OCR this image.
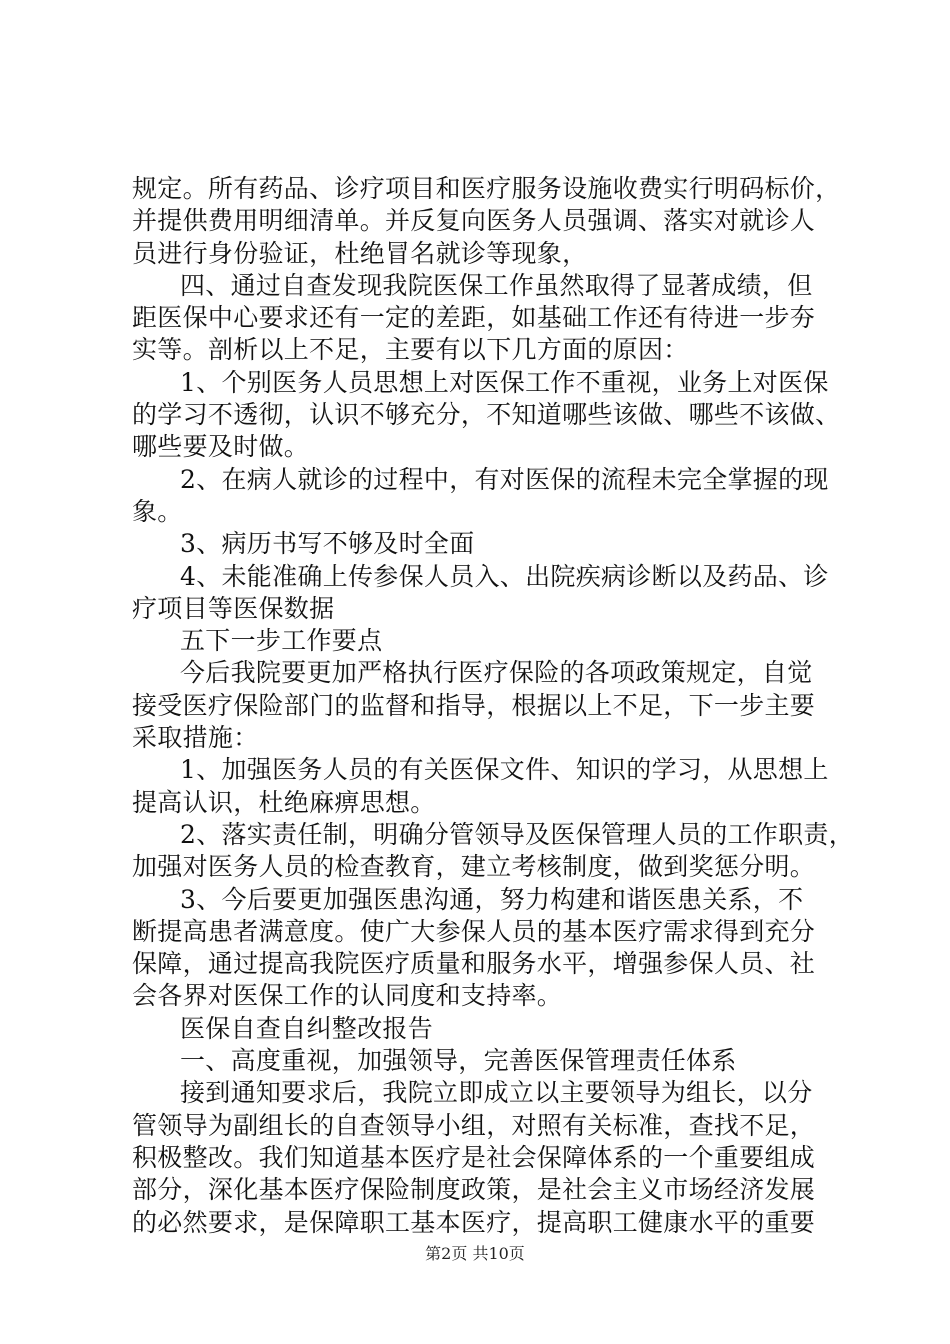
规定。所有药品、诊疗项目和医疗服务设施收费实行明码标价，
并提供费用明细清单。并反复向医务人员强调、落实对就诊人
员进行身份验证，杜绝冒名就诊等现象，
四、通过自查发现我院医保工作虽然取得了显著成绩，但
距医保中心要求还有一定的差距，如基础工作还有待进一步夯
实等。剖析以上不足，主要有以下几方面的原因：
1、个别医务人员思想上对医保工作不重视，业务上对医保
的学习不透彻，认识不够充分，不知道哪些该做、哪些不该做、
哪些要及时做。
2、在病人就诊的过程中，有对医保的流程未完全掌握的现
象。
3、病历书写不够及时全面
4、未能准确上传参保人员入、出院疾病诊断以及药品、诊
疗项目等医保数据
五下一步工作要点
今后我院要更加严格执行医疗保险的各项政策规定，自觉
接受医疗保险部门的监督和指导，根据以上不足，下一步主要
采取措施：
1、加强医务人员的有关医保文件、知识的学习，从思想上
提高认识，杜绝麻痹思想。
2、落实责任制，明确分管领导及医保管理人员的工作职责，
加强对医务人员的检查教育，建立考核制度，做到奖惩分明。
3、今后要更加强医患沟通，努力构建和谐医患关系，不
断提高患者满意度。使广大参保人员的基本医疗需求得到充分
保障，通过提高我院医疗质量和服务水平，增强参保人员、社
会各界对医保工作的认同度和支持率。
医保自查自纠整改报告
一、高度重视，加强领导，完善医保管理责任体系
接到通知要求后，我院立即成立以主要领导为组长，以分
管领导为副组长的自查领导小组，对照有关标准，查找不足，
积极整改。我们知道基本医疗是社会保障体系的一个重要组成
部分，深化基本医疗保险制度政策，是社会主义市场经济发展
的必然要求，是保障职工基本医疗，提高职工健康水平的重要
第2页 共10页
